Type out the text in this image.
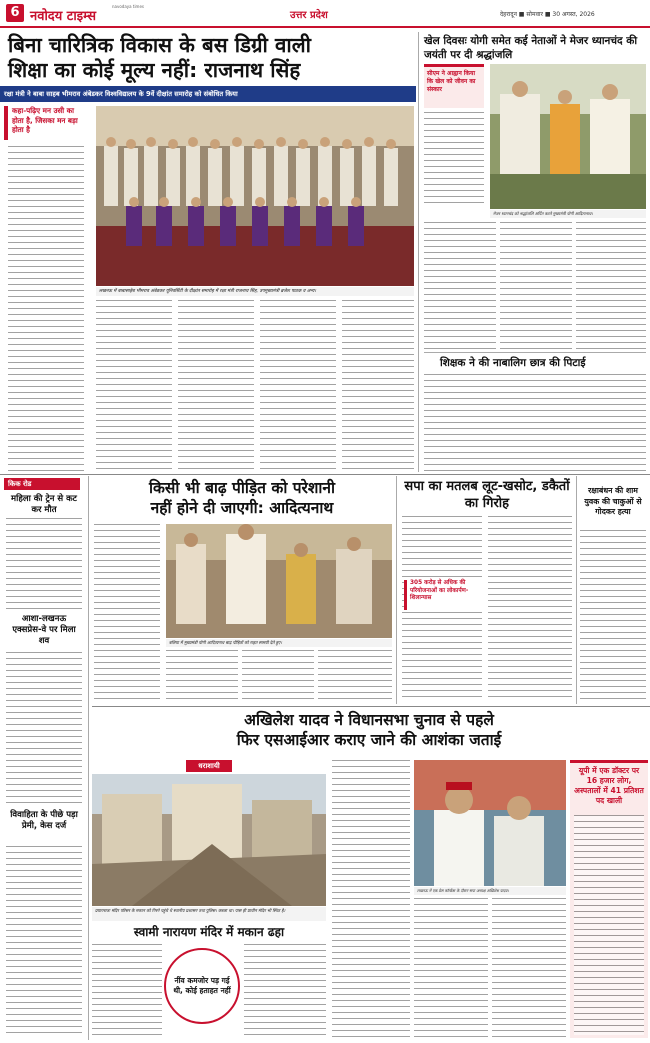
6 नवोदय टाइम्स
navodaya times
उत्तर प्रदेश	देहरादून ■ सोमवार ■ 30 अगस्त, 2026
बिना चारित्रिक विकास के बस डिग्री वाली
शिक्षा का कोई मूल्य नहीं: राजनाथ सिंह
रक्षा मंत्री ने बाबा साहब भीमराव अंबेडकर विश्वविद्यालय के 9वें दीक्षांत समारोह को संबोधित किया
कहा-पढ़िए मन उसी का होता है, जिसका मन बड़ा होता है
लखनऊ में बाबासाहेब भीमराव अंबेडकर यूनिवर्सिटी के दीक्षांत समारोह में रक्षा मंत्री राजनाथ सिंह, उपमुख्यमंत्री ब्रजेश पाठक व अन्य।
खेल दिवसः योगी समेत कई नेताओं ने मेजर ध्यानचंद की जयंती पर दी श्रद्धांजलि
सीएम ने आह्वान किया कि खेल को जीवन का संस्कार
मेजर ध्यानचंद को श्रद्धांजलि अर्पित करते मुख्यमंत्री योगी आदित्यनाथ।
शिक्षक ने की नाबालिग छात्र की पिटाई
किक रोड
महिला की ट्रेन से कट कर मौत
आशा-लखनऊ एक्सप्रेस-वे पर मिला शव
विवाहिता के पीछे पड़ा प्रेमी, केस दर्ज
किसी भी बाढ़ पीड़ित को परेशानी
नहीं होने दी जाएगी: आदित्यनाथ
बलिया में मुख्यमंत्री योगी आदित्यनाथ बाढ़ पीड़ितों को राहत सामग्री देते हुए।
सपा का मतलब लूट-खसोट, डकैतों का गिरोह
305 करोड़ से अधिक की परियोजनाओं का लोकार्पण-शिलान्यास
रक्षाबंधन की शाम युवक की चाकुओं से गोदकर हत्या
अखिलेश यादव ने विधानसभा चुनाव से पहले
फिर एसआईआर कराए जाने की आशंका जताई
धराशायी
प्रयागराजः मंदिर परिसर के मकान को गिरने पहुंचे थे स्थानीय प्रशासन तथा पुलिस। कब्जा था। पास ही प्राचीन मंदिर भी स्थित है।
स्वामी नारायण मंदिर में मकान ढहा
नींव कमजोर पड़ गई थी, कोई हताहत नहीं
लखनऊ में एक प्रेस कॉन्फ्रेंस के दौरान सपा अध्यक्ष अखिलेश यादव।
यूपी में एक डॉक्टर पर 16 हजार लोग, अस्पतालों में 41 प्रतिशत पद खाली
